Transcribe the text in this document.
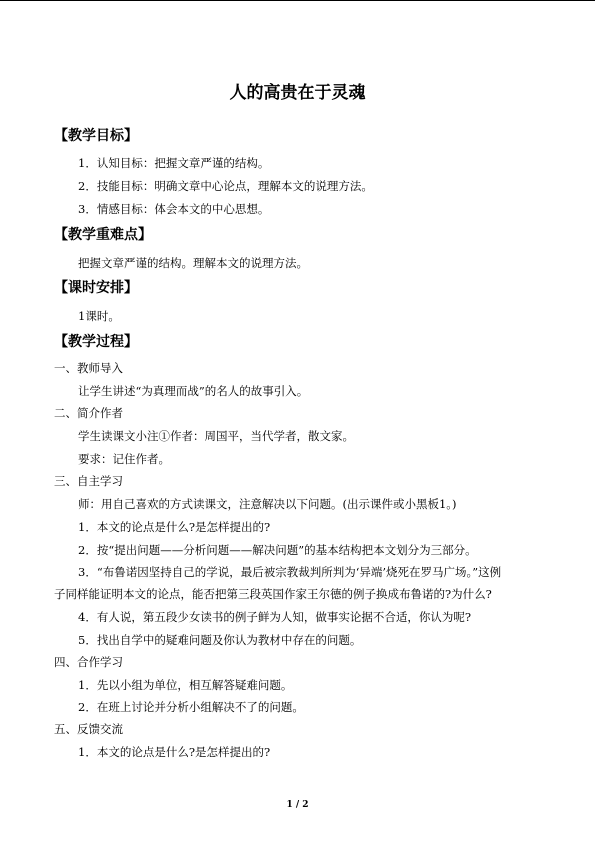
人的高贵在于灵魂
【教学目标】
1．认知目标：把握文章严谨的结构。
2．技能目标：明确文章中心论点，理解本文的说理方法。
3．情感目标：体会本文的中心思想。
【教学重难点】
把握文章严谨的结构。理解本文的说理方法。
【课时安排】
1课时。
【教学过程】
一、教师导入
让学生讲述“为真理而战”的名人的故事引入。
二、简介作者
学生读课文小注①作者：周国平，当代学者，散文家。
要求：记住作者。
三、自主学习
师：用自己喜欢的方式读课文，注意解决以下问题。(出示课件或小黑板1。)
1．本文的论点是什么?是怎样提出的?
2．按“提出问题——分析问题——解决问题”的基本结构把本文划分为三部分。
3．“布鲁诺因坚持自己的学说，最后被宗教裁判所判为‘异端’烧死在罗马广场。”这例
子同样能证明本文的论点，能否把第三段英国作家王尔德的例子换成布鲁诺的?为什么?
4．有人说，第五段少女读书的例子鲜为人知，做事实论据不合适，你认为呢?
5．找出自学中的疑难问题及你认为教材中存在的问题。
四、合作学习
1．先以小组为单位，相互解答疑难问题。
2．在班上讨论并分析小组解决不了的问题。
五、反馈交流
1．本文的论点是什么?是怎样提出的?
1 / 2
